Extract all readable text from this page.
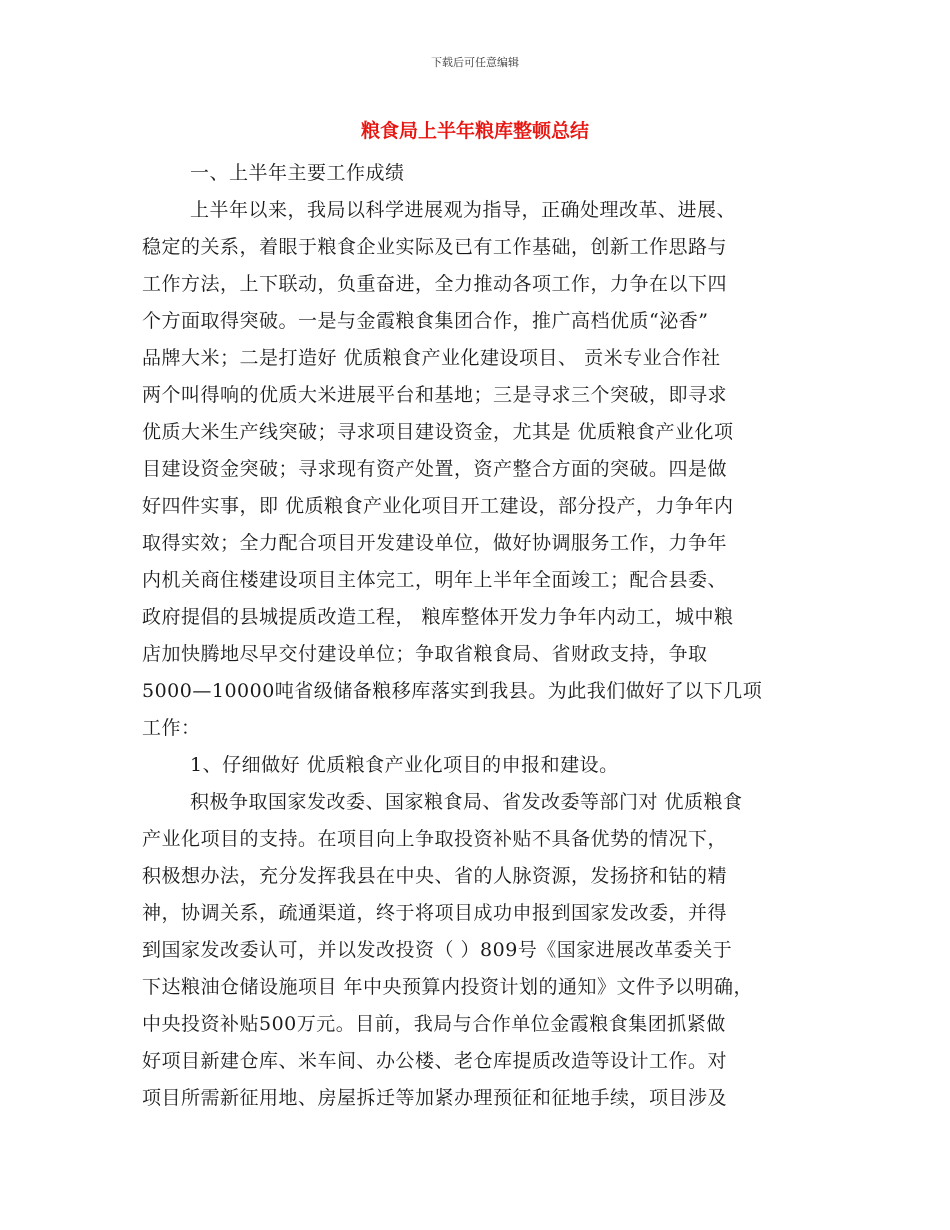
下载后可任意编辑

粮食局上半年粮库整顿总结
一、上半年主要工作成绩
上半年以来，我局以科学进展观为指导，正确处理改革、进展、
稳定的关系，着眼于粮食企业实际及已有工作基础，创新工作思路与
工作方法，上下联动，负重奋进，全力推动各项工作，力争在以下四
个方面取得突破。一是与金霞粮食集团合作，推广高档优质“泌香”
品牌大米；二是打造好 优质粮食产业化建设项目、 贡米专业合作社
两个叫得响的优质大米进展平台和基地；三是寻求三个突破，即寻求
优质大米生产线突破；寻求项目建设资金，尤其是 优质粮食产业化项
目建设资金突破；寻求现有资产处置，资产整合方面的突破。四是做
好四件实事，即 优质粮食产业化项目开工建设，部分投产，力争年内
取得实效；全力配合项目开发建设单位，做好协调服务工作，力争年
内机关商住楼建设项目主体完工，明年上半年全面竣工；配合县委、
政府提倡的县城提质改造工程， 粮库整体开发力争年内动工，城中粮
店加快腾地尽早交付建设单位；争取省粮食局、省财政支持，争取
5000—10000吨省级储备粮移库落实到我县。为此我们做好了以下几项
工作：
1、仔细做好 优质粮食产业化项目的申报和建设。
积极争取国家发改委、国家粮食局、省发改委等部门对 优质粮食
产业化项目的支持。在项目向上争取投资补贴不具备优势的情况下，
积极想办法，充分发挥我县在中央、省的人脉资源，发扬挤和钻的精
神，协调关系，疏通渠道，终于将项目成功申报到国家发改委，并得
到国家发改委认可，并以发改投资（ ）809号《国家进展改革委关于
下达粮油仓储设施项目 年中央预算内投资计划的通知》文件予以明确，
中央投资补贴500万元。目前，我局与合作单位金霞粮食集团抓紧做
好项目新建仓库、米车间、办公楼、老仓库提质改造等设计工作。对
项目所需新征用地、房屋拆迁等加紧办理预征和征地手续，项目涉及
